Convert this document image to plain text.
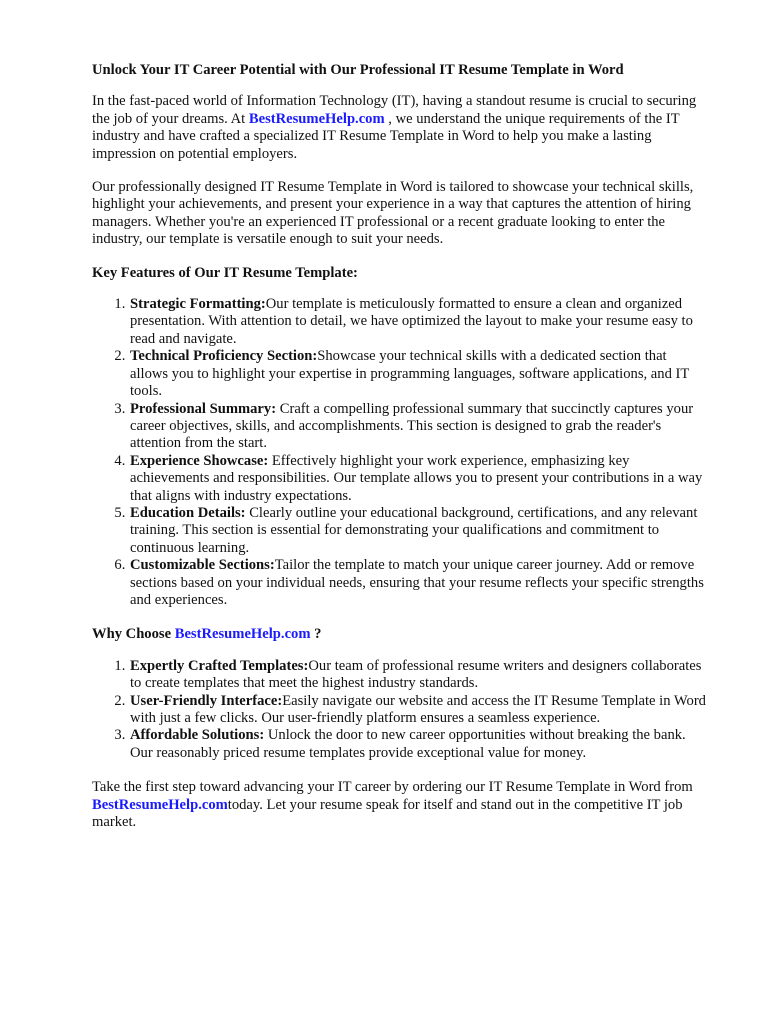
Unlock Your IT Career Potential with Our Professional IT Resume Template in Word

In the fast-paced world of Information Technology (IT), having a standout resume is crucial to securing the job of your dreams. At BestResumeHelp.com , we understand the unique requirements of the IT industry and have crafted a specialized IT Resume Template in Word to help you make a lasting impression on potential employers.

Our professionally designed IT Resume Template in Word is tailored to showcase your technical skills, highlight your achievements, and present your experience in a way that captures the attention of hiring managers. Whether you're an experienced IT professional or a recent graduate looking to enter the industry, our template is versatile enough to suit your needs.

Key Features of Our IT Resume Template:
1. Strategic Formatting:Our template is meticulously formatted to ensure a clean and organized presentation. With attention to detail, we have optimized the layout to make your resume easy to read and navigate.
2. Technical Proficiency Section:Showcase your technical skills with a dedicated section that allows you to highlight your expertise in programming languages, software applications, and IT tools.
3. Professional Summary: Craft a compelling professional summary that succinctly captures your career objectives, skills, and accomplishments. This section is designed to grab the reader's attention from the start.
4. Experience Showcase: Effectively highlight your work experience, emphasizing key achievements and responsibilities. Our template allows you to present your contributions in a way that aligns with industry expectations.
5. Education Details: Clearly outline your educational background, certifications, and any relevant training. This section is essential for demonstrating your qualifications and commitment to continuous learning.
6. Customizable Sections:Tailor the template to match your unique career journey. Add or remove sections based on your individual needs, ensuring that your resume reflects your specific strengths and experiences.
Why Choose BestResumeHelp.com ?
1. Expertly Crafted Templates:Our team of professional resume writers and designers collaborates to create templates that meet the highest industry standards.
2. User-Friendly Interface:Easily navigate our website and access the IT Resume Template in Word with just a few clicks. Our user-friendly platform ensures a seamless experience.
3. Affordable Solutions: Unlock the door to new career opportunities without breaking the bank. Our reasonably priced resume templates provide exceptional value for money.

Take the first step toward advancing your IT career by ordering our IT Resume Template in Word from BestResumeHelp.comtoday. Let your resume speak for itself and stand out in the competitive IT job market.
